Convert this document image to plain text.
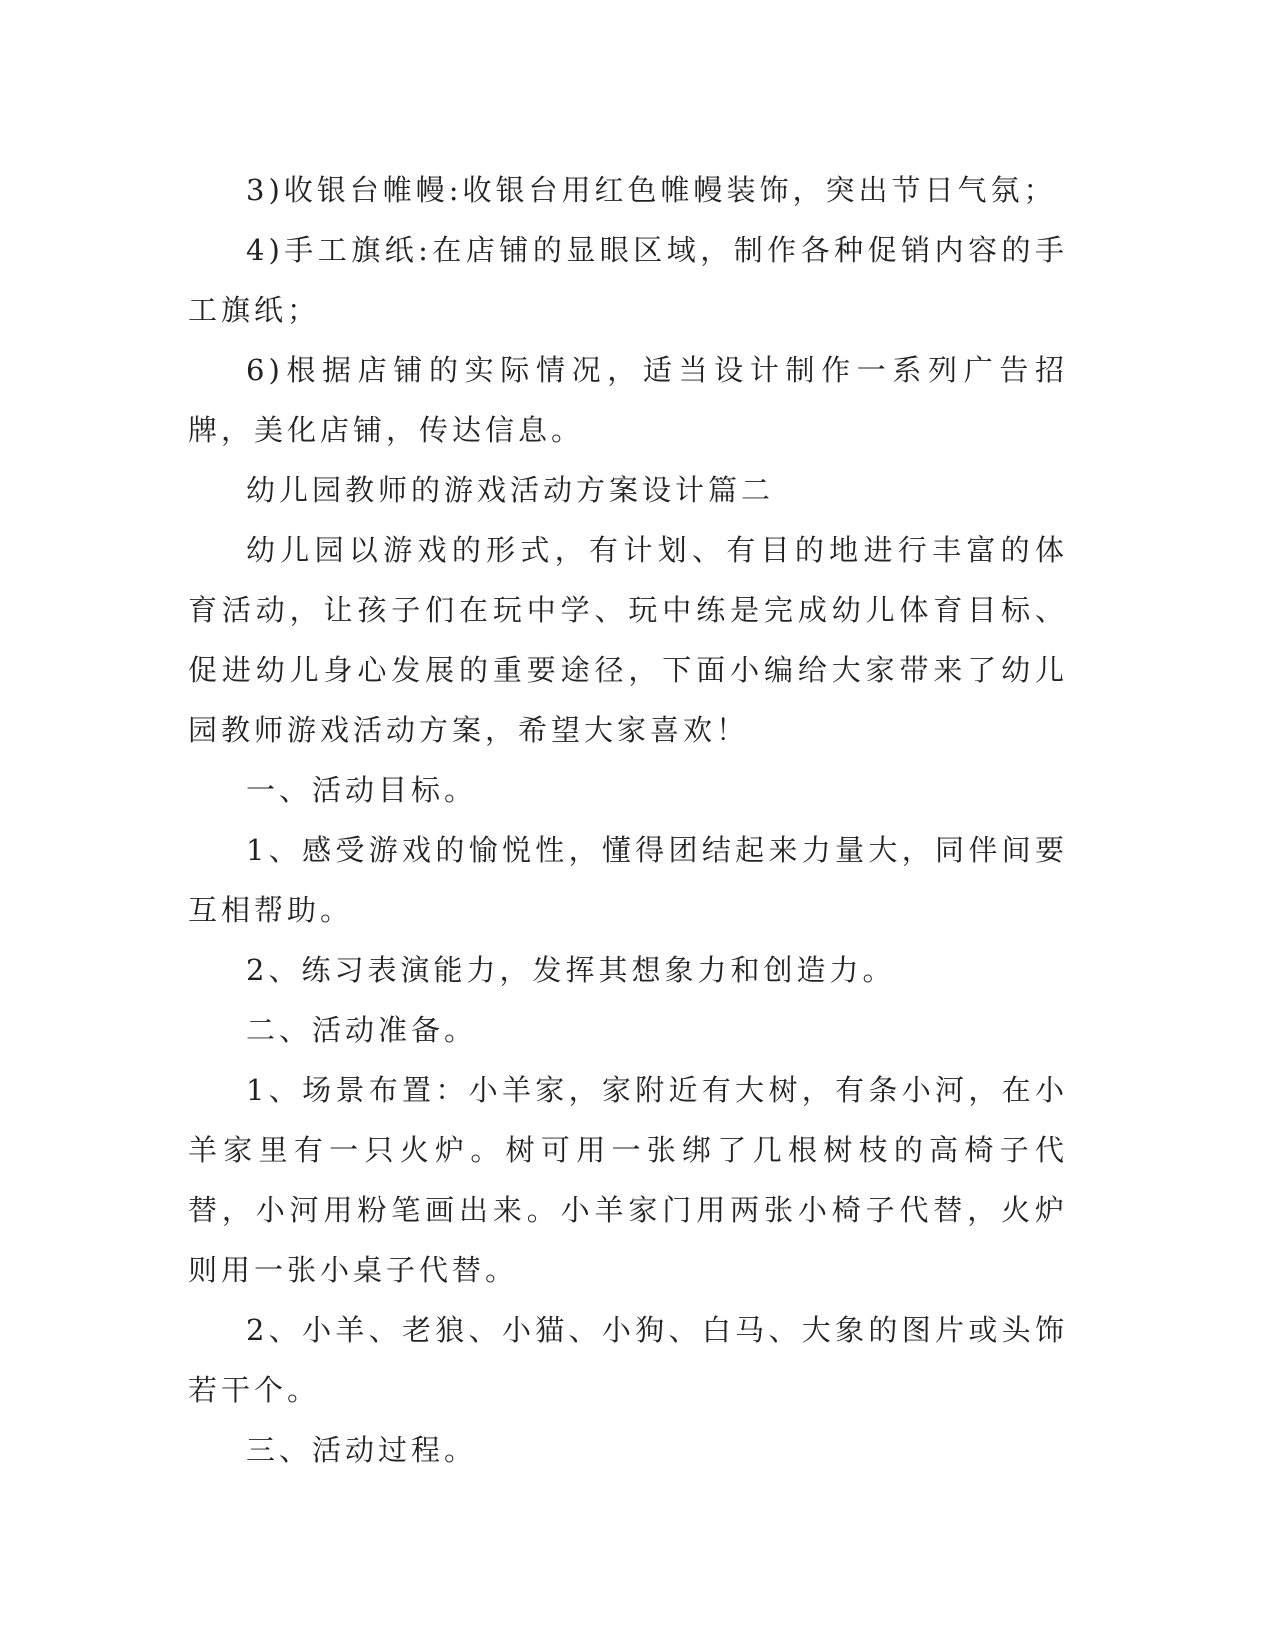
3)收银台帷幔:收银台用红色帷幔装饰，突出节日气氛；

4)手工旗纸:在店铺的显眼区域，制作各种促销内容的手工旗纸；

6)根据店铺的实际情况，适当设计制作一系列广告招牌，美化店铺，传达信息。

幼儿园教师的游戏活动方案设计篇二

幼儿园以游戏的形式，有计划、有目的地进行丰富的体育活动，让孩子们在玩中学、玩中练是完成幼儿体育目标、促进幼儿身心发展的重要途径，下面小编给大家带来了幼儿园教师游戏活动方案，希望大家喜欢！

一、活动目标。

1、感受游戏的愉悦性，懂得团结起来力量大，同伴间要互相帮助。

2、练习表演能力，发挥其想象力和创造力。

二、活动准备。

1、场景布置：小羊家，家附近有大树，有条小河，在小羊家里有一只火炉。树可用一张绑了几根树枝的高椅子代替，小河用粉笔画出来。小羊家门用两张小椅子代替，火炉则用一张小桌子代替。

2、小羊、老狼、小猫、小狗、白马、大象的图片或头饰若干个。

三、活动过程。
